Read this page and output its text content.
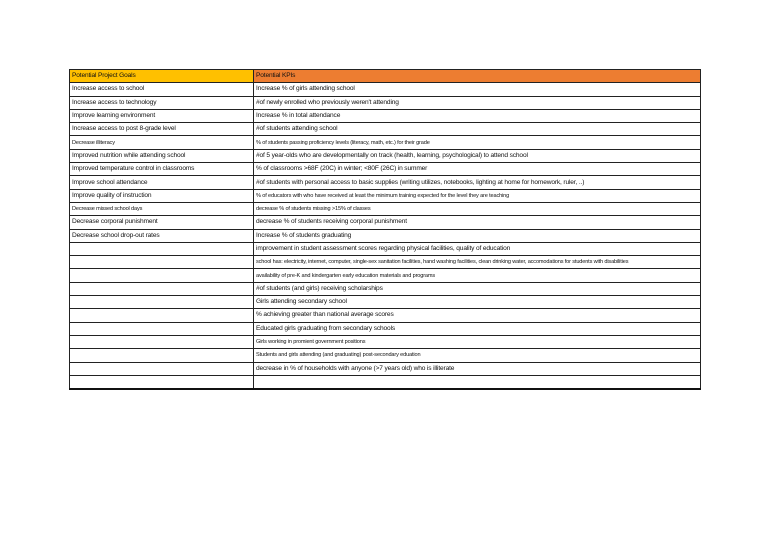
Potential Project Goals	Potential KPIs
Increase access to school	Increase % of girls attending school
Increase access to technology	#of newly enrolled who previously weren't attending
Improve learning environment	Increase % in total attendance
Increase access to post 8-grade level	#of students attending school
Decrease illiteracy	% of students passing proficiency levels (literacy, math, etc.) for their grade
Improved nutrition while attending school	#of 5 year-olds who are developmentally on track (health, learning, psychological) to attend school
Improved temperature control in classrooms	% of classrooms >68F (20C) in winter; <80F (26C) in summer
Improve school attendance	#of students with personal access to basic supplies (writing utilizes, notebooks, lighting at home for homework, ruler, ..)
Improve quality of instruction	% of educators with who have received at least the minimum training expected for the level they are teaching
Decrease missed school days	decrease % of students missing >15% of classes
Decrease corporal punishment	decrease % of students receiving corporal punishment
Decrease school drop-out rates	Increase % of students graduating
	improvement in student assessment scores regarding physical facilities, quality of education
	school has: electricity, internet, computer, single-sex sanitation facilities, hand washing facilities, clean drinking water, accomodations for students with disabilities
	availability of pre-K and kindergarten early education materials and programs
	#of students (and girls) receiving scholarships
	Girls attending secondary school
	% achieving greater than national average scores
	Educated girls graduating from secondary schools
	Girls working in promient government positions
	Students and girls attending (and graduating) post-secondary eduation
	decrease in % of households with anyone (>7 years old) who is illiterate
